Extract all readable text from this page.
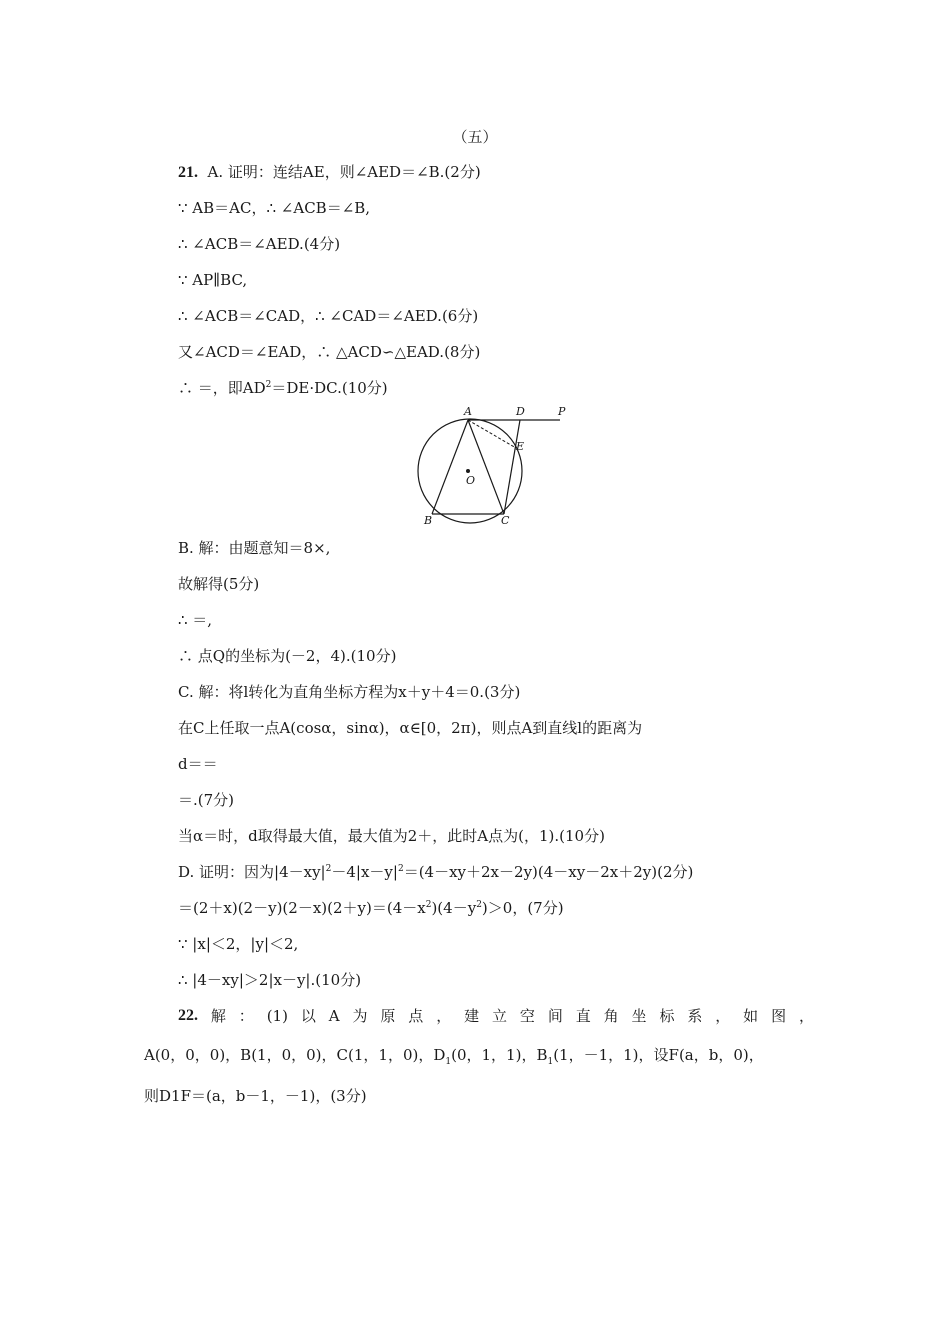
（五）
21. A. 证明：连结AE，则∠AED＝∠B.(2分)
∵ AB＝AC，∴ ∠ACB＝∠B,
∴ ∠ACB＝∠AED.(4分)
∵ AP∥BC,
∴ ∠ACB＝∠CAD，∴ ∠CAD＝∠AED.(6分)
又∠ACD＝∠EAD，∴ △ACD∽△EAD.(8分)
∴ ＝，即$AD^2=DE\cdot DC.(10$分)
A	D	P
E
O
B	C
B. 解：由题意知＝8×,
故解得(5分)
∴ ＝,
∴ 点Q的坐标为(－2，4).(10分)
C. 解：将l转化为直角坐标方程为x＋y＋4＝0.(3分)
在C上任取一点A(cosα，sinα)，α∈[0，2π)，则点A到直线l的距离为
d＝＝
＝.(7分)
当α＝时，d取得最大值，最大值为2＋，此时A点为(，1).(10分)
D. 证明：因为$|4-xy|^2-4|x-y|^2=(4-xy+2x-2y)(4-xy-2x+2y)(2$分)
$=(2+x)(2-y)(2-x)(2+y)=(4-x^2)(4-y^2)>0$，(7分)
∵ |x|＜2，|y|＜2,
∴ |4－xy|＞2|x－y|.(10分)
22. 解 ： (1) 以 A 为 原 点 ， 建 立 空 间 直 角 坐 标 系 ， 如 图 ，
A(0，0，0)，B(1，0，0)，C(1，1，0)，$D_1(0$，1，1)，$B_1(1$，－1，1)，设F(a，b，0)，
则D1F＝(a，b－1，－1)，(3分)
